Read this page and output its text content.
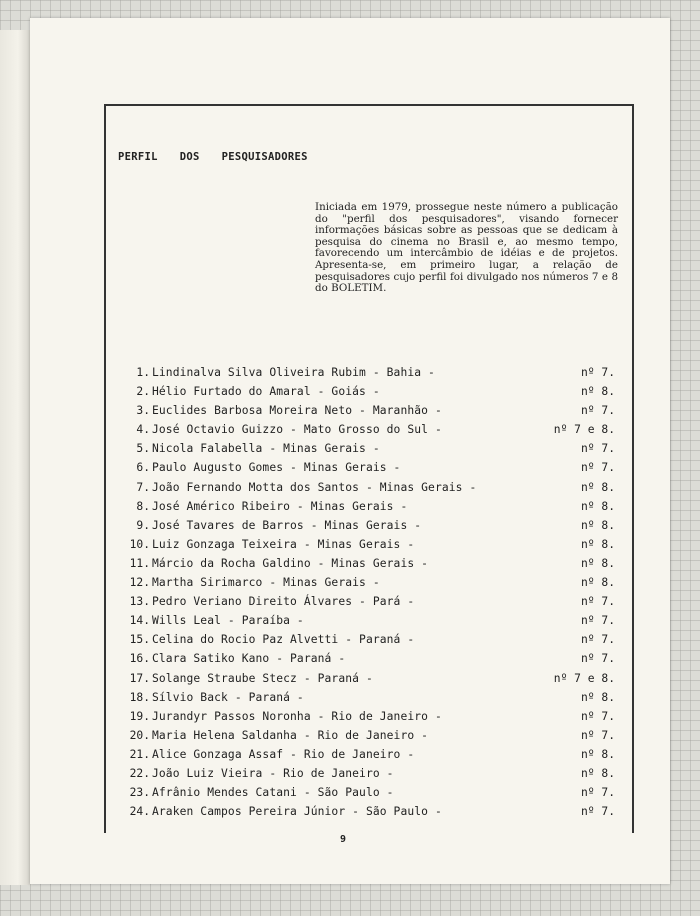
PERFIL DOS PESQUISADORES

Iniciada em 1979, prossegue neste número a publicação do "perfil dos pesquisadores", visando fornecer informações básicas sobre as pessoas que se dedicam à pesquisa do cinema no Brasil e, ao mesmo tempo, favorecendo um intercâmbio de idéias e de projetos. Apresenta-se, em primeiro lugar, a relação de pesquisadores cujo perfil foi divulgado nos números 7 e 8 do BOLETIM.

1. Lindinalva Silva Oliveira Rubim - Bahia -	nº 7.
2. Hélio Furtado do Amaral - Goiás -	nº 8.
3. Euclides Barbosa Moreira Neto - Maranhão -	nº 7.
4. José Octavio Guizzo - Mato Grosso do Sul -	nº 7 e 8.
5. Nicola Falabella - Minas Gerais -	nº 7.
6. Paulo Augusto Gomes - Minas Gerais -	nº 7.
7. João Fernando Motta dos Santos - Minas Gerais -	nº 8.
8. José Américo Ribeiro - Minas Gerais -	nº 8.
9. José Tavares de Barros - Minas Gerais -	nº 8.
10. Luiz Gonzaga Teixeira - Minas Gerais -	nº 8.
11. Márcio da Rocha Galdino - Minas Gerais -	nº 8.
12. Martha Sirimarco - Minas Gerais -	nº 8.
13. Pedro Veriano Direito Álvares - Pará -	nº 7.
14. Wills Leal - Paraíba -	nº 7.
15. Celina do Rocio Paz Alvetti - Paraná -	nº 7.
16. Clara Satiko Kano - Paraná -	nº 7.
17. Solange Straube Stecz - Paraná -	nº 7 e 8.
18. Sílvio Back - Paraná -	nº 8.
19. Jurandyr Passos Noronha - Rio de Janeiro -	nº 7.
20. Maria Helena Saldanha - Rio de Janeiro -	nº 7.
21. Alice Gonzaga Assaf - Rio de Janeiro -	nº 8.
22. João Luiz Vieira - Rio de Janeiro -	nº 8.
23. Afrânio Mendes Catani - São Paulo -	nº 7.
24. Araken Campos Pereira Júnior - São Paulo -	nº 7.
9
